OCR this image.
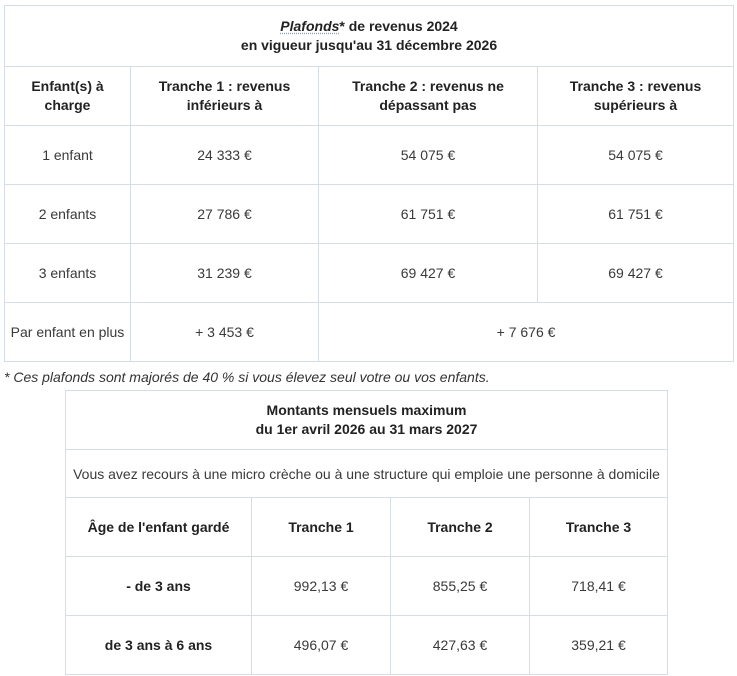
Plafonds* de revenus 2024
en vigueur jusqu'au 31 décembre 2026			
Enfant(s) à charge	Tranche 1 : revenus inférieurs à	Tranche 2 : revenus ne dépassant pas	Tranche 3 : revenus supérieurs à
1 enfant	24 333 €	54 075 €	54 075 €
2 enfants	27 786 €	61 751 €	61 751 €
3 enfants	31 239 €	69 427 €	69 427 €
Par enfant en plus	+ 3 453 €	+ 7 676 €	
* Ces plafonds sont majorés de 40 % si vous élevez seul votre ou vos enfants.
Montants mensuels maximum
du 1er avril 2026 au 31 mars 2027			
Vous avez recours à une micro crèche ou à une structure qui emploie une personne à domicile			
Âge de l'enfant gardé	Tranche 1	Tranche 2	Tranche 3
- de 3 ans	992,13 €	855,25 €	718,41 €
de 3 ans à 6 ans	496,07 €	427,63 €	359,21 €
